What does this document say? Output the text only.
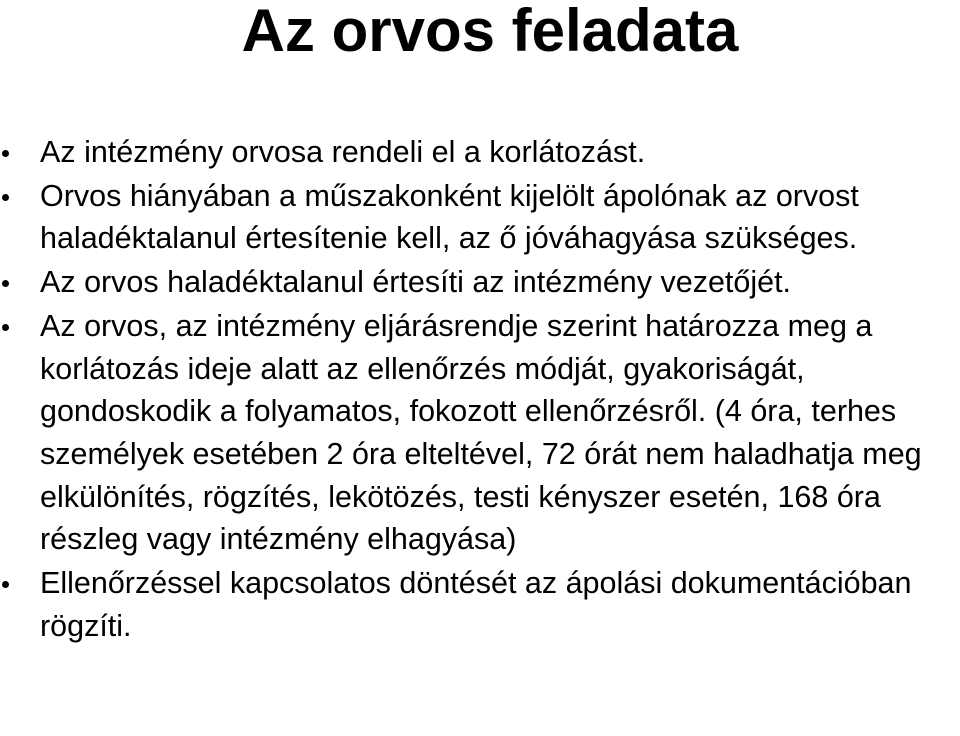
Az orvos feladata
Az intézmény orvosa rendeli el a korlátozást.
Orvos hiányában a műszakonként kijelölt ápolónak az orvost haladéktalanul értesítenie kell, az ő jóváhagyása szükséges.
Az orvos haladéktalanul értesíti az intézmény vezetőjét.
Az orvos, az intézmény eljárásrendje szerint határozza meg a korlátozás ideje alatt az ellenőrzés módját, gyakoriságát, gondoskodik a folyamatos, fokozott ellenőrzésről. (4 óra, terhes személyek esetében 2 óra elteltével, 72 órát nem haladhatja meg elkülönítés, rögzítés, lekötözés, testi kényszer esetén, 168 óra részleg vagy intézmény elhagyása)
Ellenőrzéssel kapcsolatos döntését az ápolási dokumentációban rögzíti.
